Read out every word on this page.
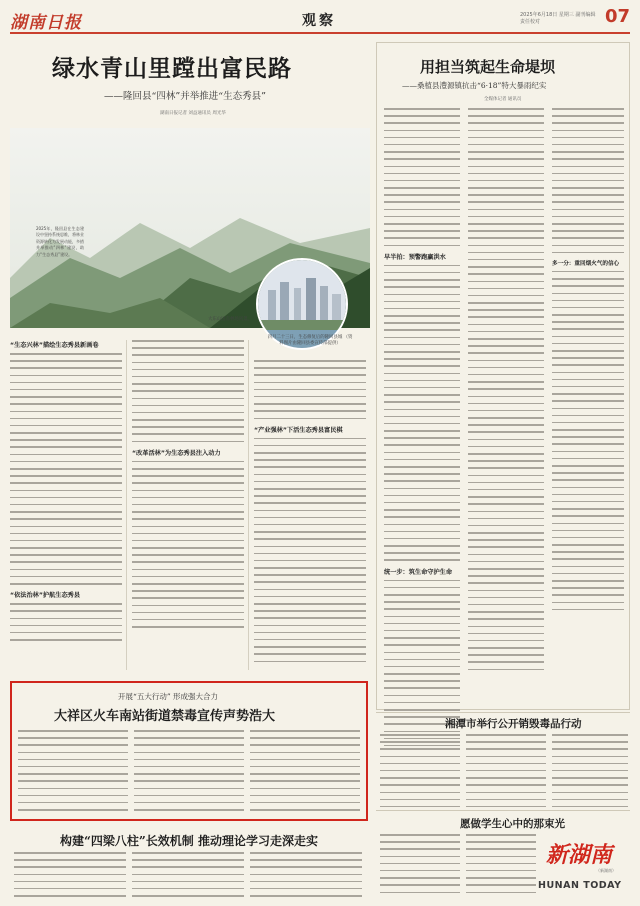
湖南日报	观察	2025年6月18日 星期三 副刊编辑 责任校对	07
绿水青山里蹚出富民路
——隆回县“四林”并举推进“生态秀县”
湖南日报记者 刘益通讯员 周光华
大东山国有林场风景。
2025年，隆回县在生态建设中坚持系统思维，将林业资源转化为发展动能，多措并举推动“四林”建设，助力“生态秀县”建设。
四月二十三日，生态修复后的隆回县城 （资料图片由隆回县委宣传部提供）
“生态兴林”描绘生态秀县新画卷
“依法治林”护航生态秀县
“改革活林”为生态秀县注入动力
“产业强林”下活生态秀县富民棋
用担当筑起生命堤坝
——桑植县澧源镇抗击“6·18”特大暴雨纪实
全媒体记者 通讯员
早半拍：预警跑赢洪水
统一步：筑生命守护生命
多一分：重回烟火气的信心
开展“五大行动” 形成强大合力
大祥区火车南站街道禁毒宣传声势浩大
构建“四梁八柱”长效机制 推动理论学习走深走实
湘潭市举行公开销毁毒品行动
愿做学生心中的那束光
新湖南
（新湖南）
HUNAN TODAY
